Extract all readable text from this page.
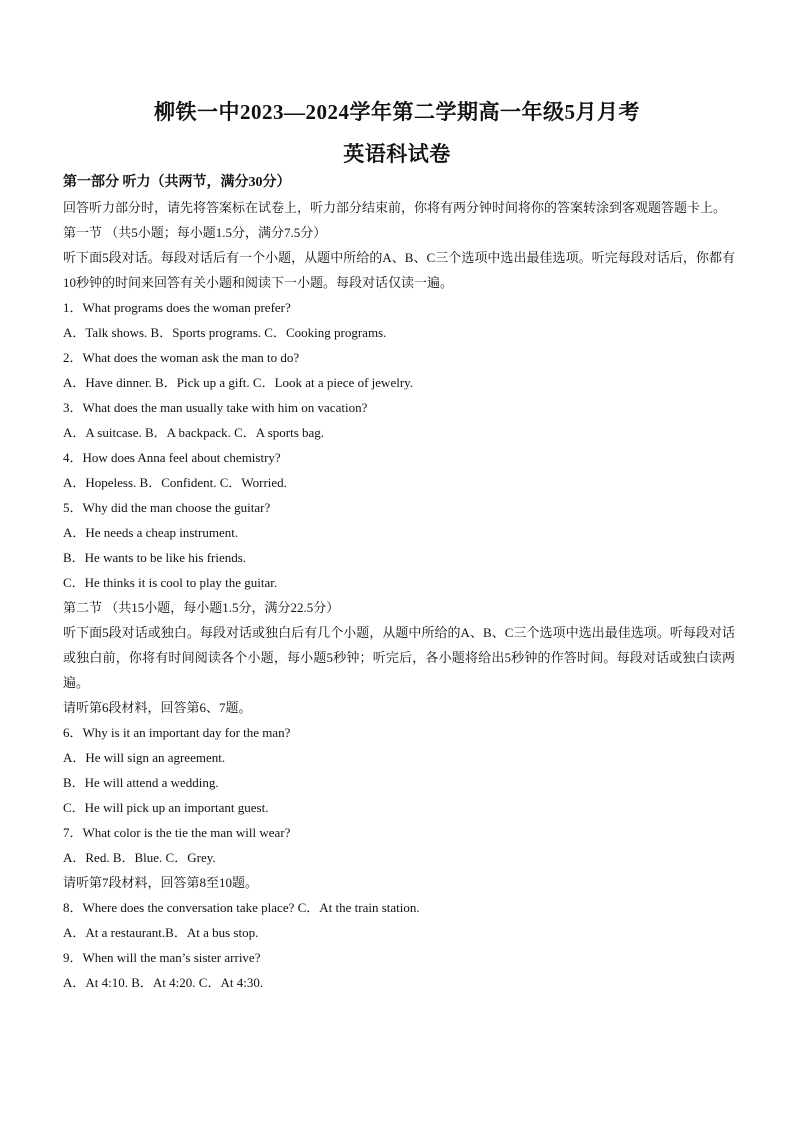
柳铁一中2023—2024学年第二学期高一年级5月月考
英语科试卷
第一部分 听力（共两节，满分30分）
回答听力部分时，请先将答案标在试卷上，听力部分结束前，你将有两分钟时间将你的答案转涂到客观题答题卡上。
第一节 （共5小题；每小题1.5分，满分7.5分）
听下面5段对话。每段对话后有一个小题，从题中所给的A、B、C三个选项中选出最佳选项。听完每段对话后，你都有10秒钟的时间来回答有关小题和阅读下一小题。每段对话仅读一遍。
1．What programs does the woman prefer?
A．Talk shows. B．Sports programs. C．Cooking programs.
2．What does the woman ask the man to do?
A．Have dinner. B．Pick up a gift. C．Look at a piece of jewelry.
3．What does the man usually take with him on vacation?
A．A suitcase. B．A backpack. C．A sports bag.
4．How does Anna feel about chemistry?
A．Hopeless. B．Confident. C．Worried.
5．Why did the man choose the guitar?
A．He needs a cheap instrument.
B．He wants to be like his friends.
C．He thinks it is cool to play the guitar.
第二节 （共15小题，每小题1.5分，满分22.5分）
听下面5段对话或独白。每段对话或独白后有几个小题，从题中所给的A、B、C三个选项中选出最佳选项。听每段对话或独白前，你将有时间阅读各个小题，每小题5秒钟；听完后，各小题将给出5秒钟的作答时间。每段对话或独白读两遍。
请听第6段材料，回答第6、7题。
6．Why is it an important day for the man?
A．He will sign an agreement.
B．He will attend a wedding.
C．He will pick up an important guest.
7．What color is the tie the man will wear?
A．Red. B．Blue. C．Grey.
请听第7段材料，回答第8至10题。
8．Where does the conversation take place? C．At the train station.
A．At a restaurant.B．At a bus stop.
9．When will the man’s sister arrive?
A．At 4:10. B．At 4:20. C．At 4:30.
